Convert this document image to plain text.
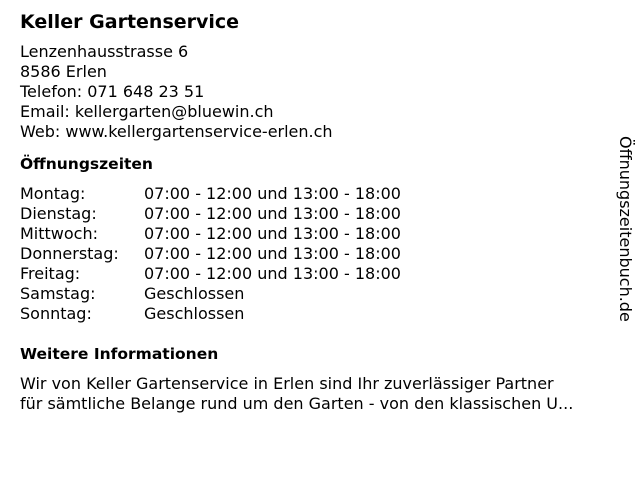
Keller Gartenservice
Lenzenhausstrasse 6
8586 Erlen
Telefon: 071 648 23 51
Email: kellergarten@bluewin.ch
Web: www.kellergartenservice-erlen.ch
Öffnungszeiten
Montag:	07:00 - 12:00 und 13:00 - 18:00
Dienstag:	07:00 - 12:00 und 13:00 - 18:00
Mittwoch:	07:00 - 12:00 und 13:00 - 18:00
Donnerstag:	07:00 - 12:00 und 13:00 - 18:00
Freitag:	07:00 - 12:00 und 13:00 - 18:00
Samstag:	Geschlossen
Sonntag:	Geschlossen
Weitere Informationen
Wir von Keller Gartenservice in Erlen sind Ihr zuverlässiger Partner
für sämtliche Belange rund um den Garten - von den klassischen U...
Öffnungszeitenbuch.de
